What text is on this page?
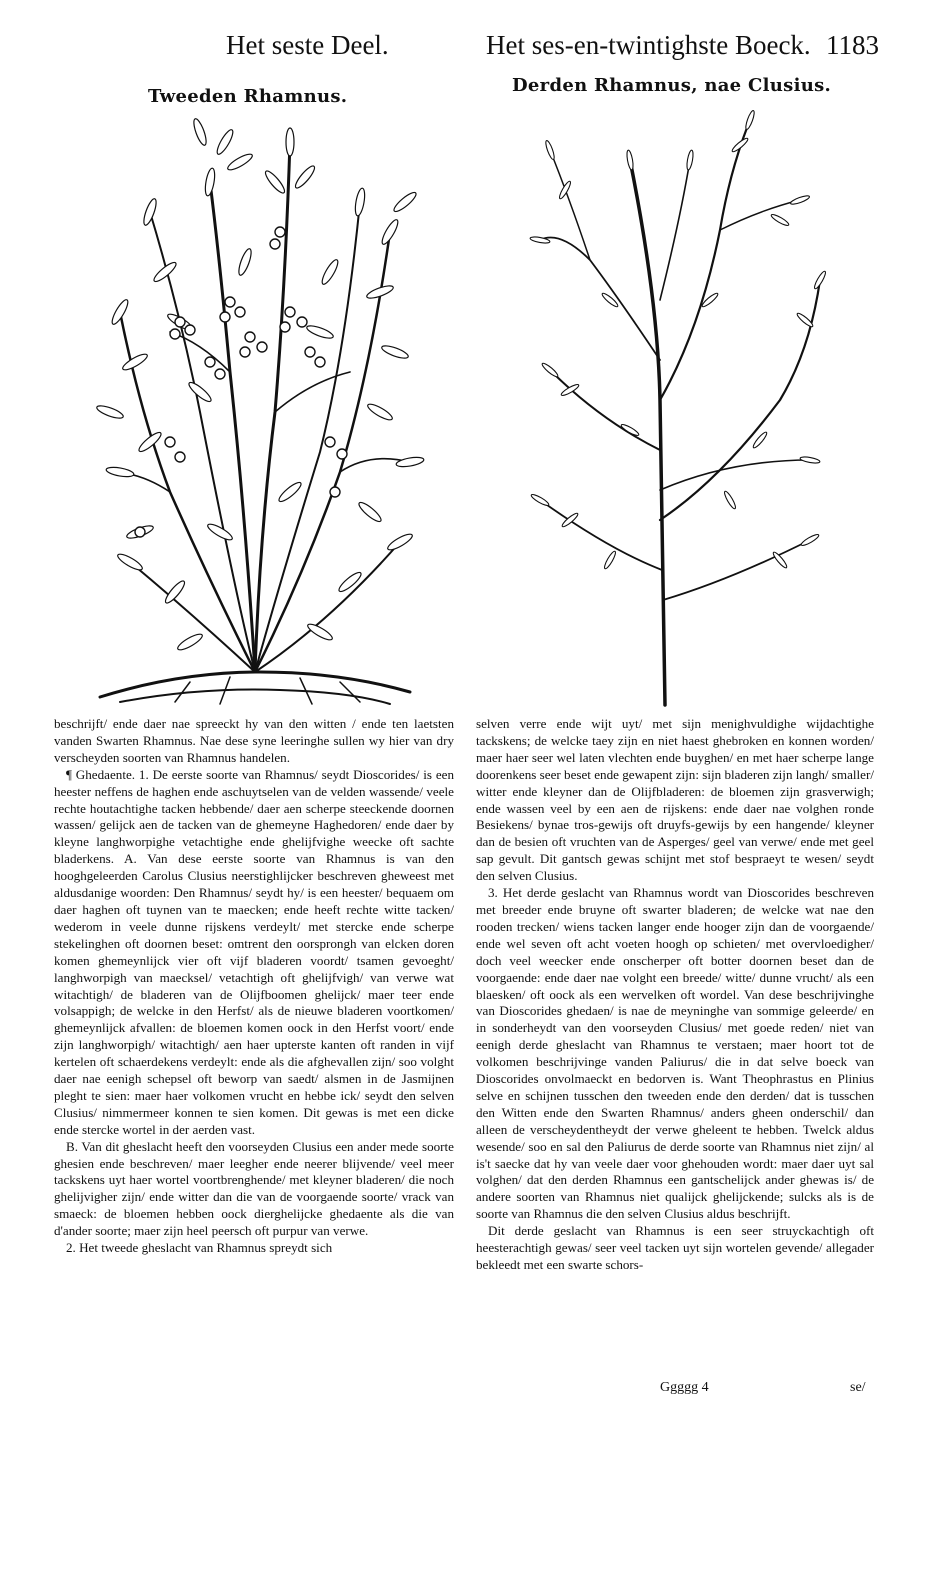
Het seste Deel.	Het ses-en-twintighste Boeck. 1183
Tweeden Rhamnus.
Derden Rhamnus, nae Clusius.

beschrijft/ ende daer nae spreeckt hy van den witten / ende ten laetsten vanden Swarten Rhamnus. Nae dese syne leeringhe sullen wy hier van dry verscheyden soorten van Rhamnus handelen.

¶ Ghedaente. 1. De eerste soorte van Rhamnus/ seydt Dioscorides/ is een heester neffens de haghen ende aschuytselen van de velden wassende/ veele rechte houtachtighe tacken hebbende/ daer aen scherpe steeckende doornen wassen/ gelijck aen de tacken van de ghemeyne Haghedoren/ ende daer by kleyne langhworpighe vetachtighe ende ghelijfvighe weecke oft sachte bladerkens. A. Van dese eerste soorte van Rhamnus is van den hooghgeleerden Carolus Clusius neerstighlijcker beschreven gheweest met aldusdanige woorden: Den Rhamnus/ seydt hy/ is een heester/ bequaem om daer haghen oft tuynen van te maecken; ende heeft rechte witte tacken/ wederom in veele dunne rijskens verdeylt/ met stercke ende scherpe stekelinghen oft doornen beset: omtrent den oorsprongh van elcken doren komen ghemeynlijck vier oft vijf bladeren voordt/ tsamen gevoeght/ langhworpigh van maecksel/ vetachtigh oft ghelijfvigh/ van verwe wat witachtigh/ de bladeren van de Olijfboomen ghelijck/ maer teer ende volsappigh; de welcke in den Herfst/ als de nieuwe bladeren voortkomen/ ghemeynlijck afvallen: de bloemen komen oock in den Herfst voort/ ende zijn langhworpigh/ witachtigh/ aen haer upterste kanten oft randen in vijf kertelen oft schaerdekens verdeylt: ende als die afghevallen zijn/ soo volght daer nae eenigh schepsel oft beworp van saedt/ alsmen in de Jasmijnen pleght te sien: maer haer volkomen vrucht en hebbe ick/ seydt den selven Clusius/ nimmermeer konnen te sien komen. Dit gewas is met een dicke ende stercke wortel in der aerden vast.

B. Van dit gheslacht heeft den voorseyden Clusius een ander mede soorte ghesien ende beschreven/ maer leegher ende neerer blijvende/ veel meer tackskens uyt haer wortel voortbrenghende/ met kleyner bladeren/ die noch ghelijvigher zijn/ ende witter dan die van de voorgaende soorte/ vrack van smaeck: de bloemen hebben oock dierghelijcke ghedaente als die van d'ander soorte; maer zijn heel peersch oft purpur van verwe.

2. Het tweede gheslacht van Rhamnus spreydt sich

selven verre ende wijt uyt/ met sijn menighvuldighe wijdachtighe tackskens; de welcke taey zijn en niet haest ghebroken en konnen worden/ maer haer seer wel laten vlechten ende buyghen/ en met haer scherpe lange doorenkens seer beset ende gewapent zijn: sijn bladeren zijn langh/ smaller/ witter ende kleyner dan de Olijfbladeren: de bloemen zijn grasverwigh; ende wassen veel by een aen de rijskens: ende daer nae volghen ronde Besiekens/ bynae tros-gewijs oft druyfs-gewijs by een hangende/ kleyner dan de besien oft vruchten van de Asperges/ geel van verwe/ ende met geel sap gevult. Dit gantsch gewas schijnt met stof bespraeyt te wesen/ seydt den selven Clusius.

3. Het derde geslacht van Rhamnus wordt van Dioscorides beschreven met breeder ende bruyne oft swarter bladeren; de welcke wat nae den rooden trecken/ wiens tacken langer ende hooger zijn dan de voorgaende/ ende wel seven oft acht voeten hoogh op schieten/ met overvloedigher/ doch veel weecker ende onscherper oft botter doornen beset dan de voorgaende: ende daer nae volght een breede/ witte/ dunne vrucht/ als een blaesken/ oft oock als een wervelken oft wordel. Van dese beschrijvinghe van Dioscorides ghedaen/ is nae de meyninghe van sommige geleerde/ en in sonderheydt van den voorseyden Clusius/ met goede reden/ niet van eenigh derde gheslacht van Rhamnus te verstaen; maer hoort tot de volkomen beschrijvinge vanden Paliurus/ die in dat selve boeck van Dioscorides onvolmaeckt en bedorven is. Want Theophrastus en Plinius selve en schijnen tusschen den tweeden ende den derden/ dat is tusschen den Witten ende den Swarten Rhamnus/ anders gheen onderschil/ dan alleen de verscheydentheydt der verwe gheleent te hebben. Twelck aldus wesende/ soo en sal den Paliurus de derde soorte van Rhamnus niet zijn/ al is't saecke dat hy van veele daer voor ghehouden wordt: maer daer uyt sal volghen/ dat den derden Rhamnus een gantschelijck ander ghewas is/ de andere soorten van Rhamnus niet qualijck ghelijckende; sulcks als is de soorte van Rhamnus die den selven Clusius aldus beschrijft.

Dit derde geslacht van Rhamnus is een seer struyckachtigh oft heesterachtigh gewas/ seer veel tacken uyt sijn wortelen gevende/ allegader bekleedt met een swarte schors-

Ggggg 4	se/
